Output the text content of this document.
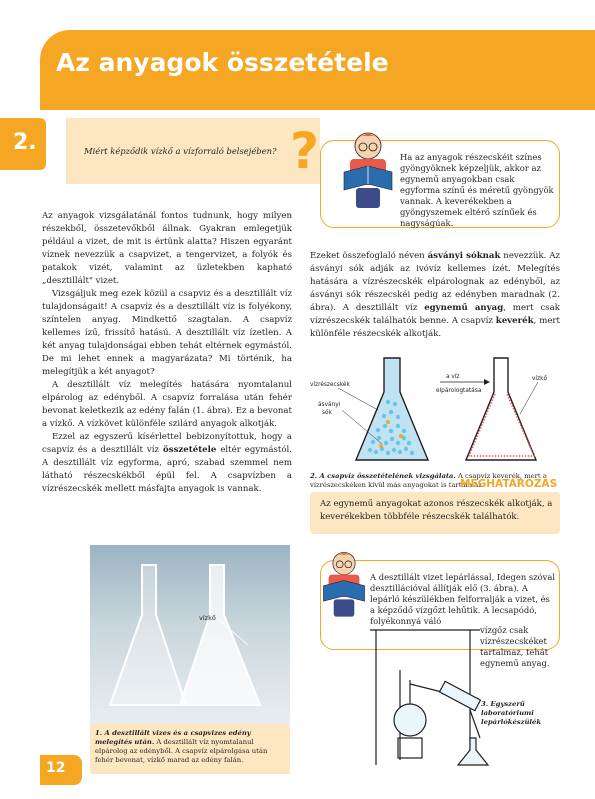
Az anyagok összetétele
2.	Miért képződik vízkő a vízforraló belsejében? ?

Az anyagok vizsgálatánál fontos tudnunk, hogy milyen részekből, összetevőkből állnak. Gyakran emlegetjük például a vizet, de mit is értünk alatta? Hiszen egyaránt víznek nevezzük a csapvizet, a tengervizet, a folyók és patakok vizét, valamint az üzletekben kapható „desztillált" vizet.

Vizsgáljuk meg ezek közül a csapviz és a desztillált víz tulajdonságait! A csapvíz és a desztillált víz is folyékony, színtelen anyag. Mindkettő szagtalan. A csapvíz kellemes ízű, frissítő hatású. A desztillált víz ízetlen. A két anyag tulajdonságai ebben tehát eltérnek egymástól. De mi lehet ennek a magyarázata? Mi történik, ha melegítjük a két anyagot?

A desztillált víz melegítés hatására nyomtalanul elpárolog az edényből. A csapvíz forralása után fehér bevonat keletkezik az edény falán (1. ábra). Ez a bevonat a vízkő. A vízkövet különféle szilárd anyagok alkotják.

Ezzel az egyszerű kísérlettel bebizonyítottuk, hogy a csapvíz és a desztillált víz összetétele eltér egymástól. A desztillált víz egyforma, apró, szabad szemmel nem látható részecskékből épül fel. A csapvízben a vízrészecskék mellett másfajta anyagok is vannak.

Ha az anyagok részecskéit színes gyöngyöknek képzeljük, akkor az egynemű anyagokban csak egyforma színű és méretű gyöngyök vannak. A keverékekben a gyöngyszemek eltérő színűek és nagyságúak.

Ezeket összefoglaló néven ásványi sóknak nevezzük. Az ásványi sók adják az ivóvíz kellemes ízét. Melegítés hatására a vízrészecskék elpárolognak az edényből, az ásványi sók részecskéi pedig az edényben maradnak (2. ábra). A desztillált víz egynemű anyag, mert csak vízrészecskék találhatók benne. A csapvíz keverék, mert különféle részecskék alkotják.

vízrészecskék
ásványi
sók
a víz
elpárologtatása
vízkő
2. A csapvíz összetételének vizsgálata. A csapvíz keverék, mert a vízrészecskéken kívül más anyagokat is tartalmaz.
MEGHATÁROZÁS
Az egynemű anyagokat azonos részecskék alkotják, a keverékekben többféle részecskék találhatók.
vízkő
1. A desztillált vizes és a csapvizes edény melegítés után. A desztillált víz nyomtalanul elpárolog az edényből. A csapvíz elpárolgása után fehér bevonat, vízkő marad az edény falán.
A desztillált vizet lepárlással, Idegen szóval desztillációval állítják elő (3. ábra). A lepárló készülékben felforralják a vizet, és a képződő vízgőzt lehűtik. A lecsapódó, folyékonnyá váló
vízgőz csak vízrészecskéket tartalmaz, tehát egynemű anyag.
3. Egyszerű laboratóriumi lepárlókészülék
12
